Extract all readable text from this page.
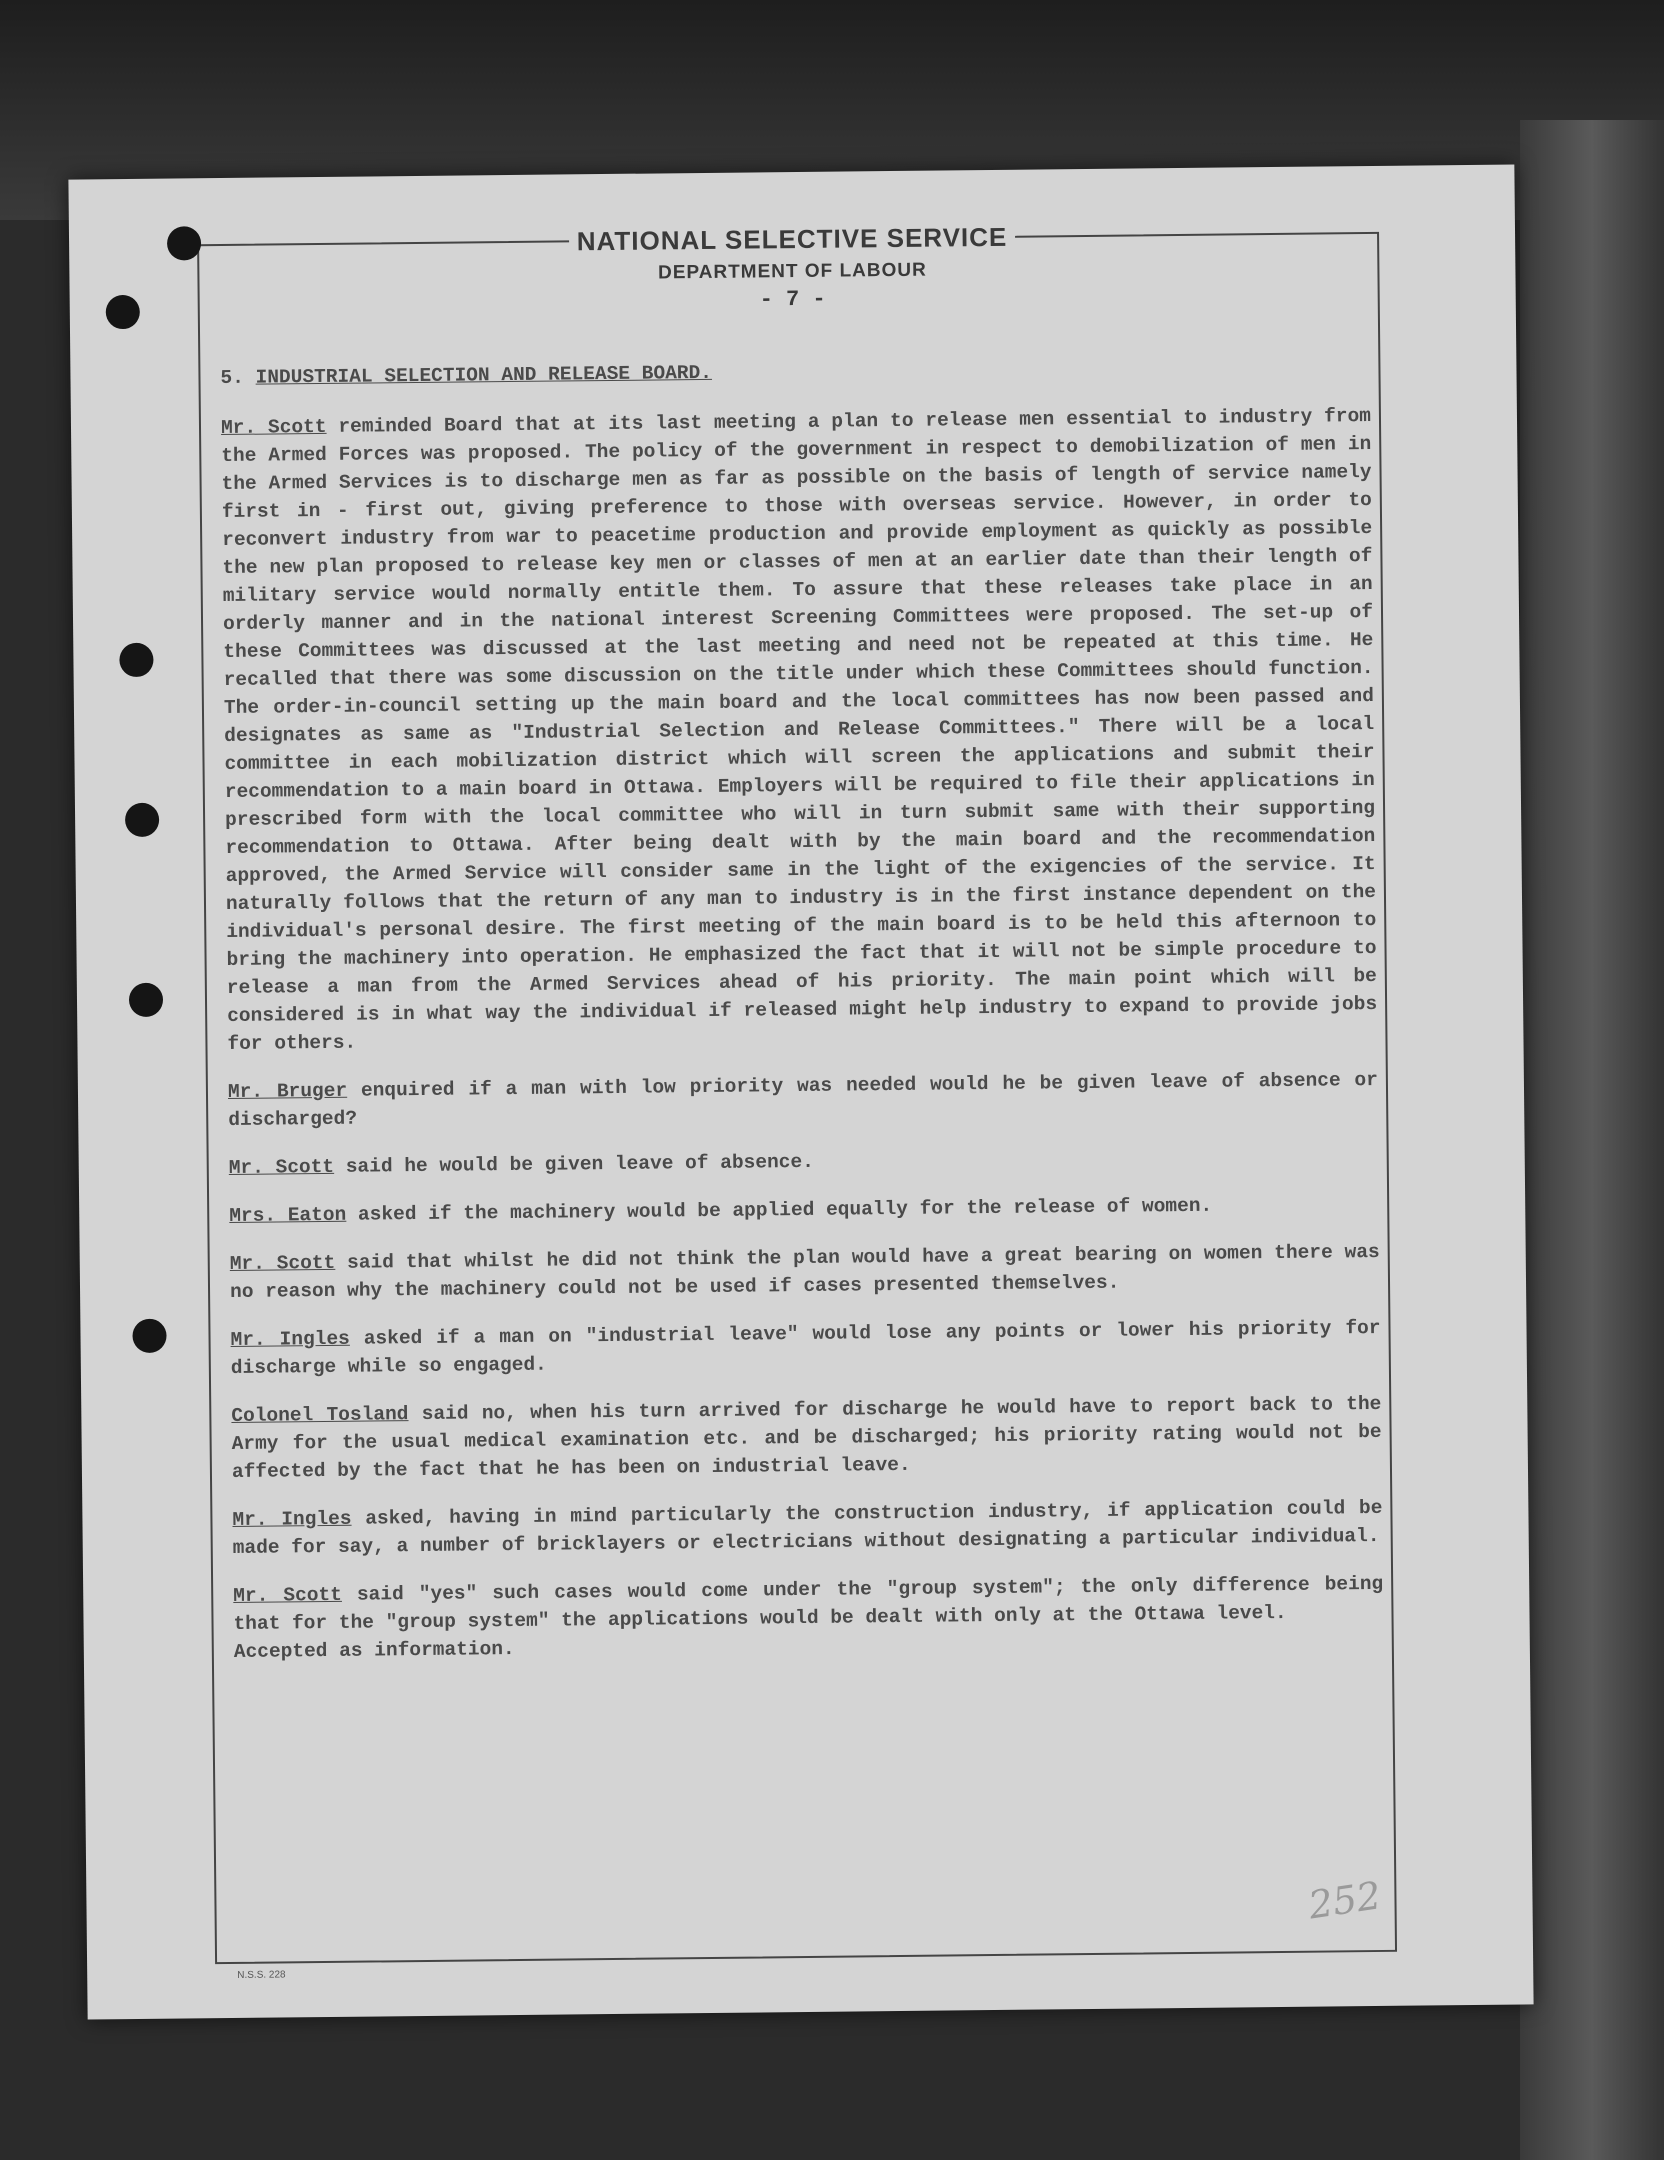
NATIONAL SELECTIVE SERVICE
DEPARTMENT OF LABOUR
- 7 -
5. INDUSTRIAL SELECTION AND RELEASE BOARD.

Mr. Scott reminded Board that at its last meeting a plan to release men essential to industry from the Armed Forces was proposed. The policy of the government in respect to demobilization of men in the Armed Services is to discharge men as far as possible on the basis of length of service namely first in - first out, giving preference to those with overseas service. However, in order to reconvert industry from war to peacetime production and provide employment as quickly as possible the new plan proposed to release key men or classes of men at an earlier date than their length of military service would normally entitle them. To assure that these releases take place in an orderly manner and in the national interest Screening Committees were proposed. The set-up of these Committees was discussed at the last meeting and need not be repeated at this time. He recalled that there was some discussion on the title under which these Committees should function. The order-in-council setting up the main board and the local committees has now been passed and designates as same as "Industrial Selection and Release Committees." There will be a local committee in each mobilization district which will screen the applications and submit their recommendation to a main board in Ottawa. Employers will be required to file their applications in prescribed form with the local committee who will in turn submit same with their supporting recommendation to Ottawa. After being dealt with by the main board and the recommendation approved, the Armed Service will consider same in the light of the exigencies of the service. It naturally follows that the return of any man to industry is in the first instance dependent on the individual's personal desire. The first meeting of the main board is to be held this afternoon to bring the machinery into operation. He emphasized the fact that it will not be simple procedure to release a man from the Armed Services ahead of his priority. The main point which will be considered is in what way the individual if released might help industry to expand to provide jobs for others.

Mr. Bruger enquired if a man with low priority was needed would he be given leave of absence or discharged?

Mr. Scott said he would be given leave of absence.

Mrs. Eaton asked if the machinery would be applied equally for the release of women.

Mr. Scott said that whilst he did not think the plan would have a great bearing on women there was no reason why the machinery could not be used if cases presented themselves.

Mr. Ingles asked if a man on "industrial leave" would lose any points or lower his priority for discharge while so engaged.

Colonel Tosland said no, when his turn arrived for discharge he would have to report back to the Army for the usual medical examination etc. and be discharged; his priority rating would not be affected by the fact that he has been on industrial leave.

Mr. Ingles asked, having in mind particularly the construction industry, if application could be made for say, a number of bricklayers or electricians without designating a particular individual.

Mr. Scott said "yes" such cases would come under the "group system"; the only difference being that for the "group system" the applications would be dealt with only at the Ottawa level.
Accepted as information.

252
N.S.S. 228
